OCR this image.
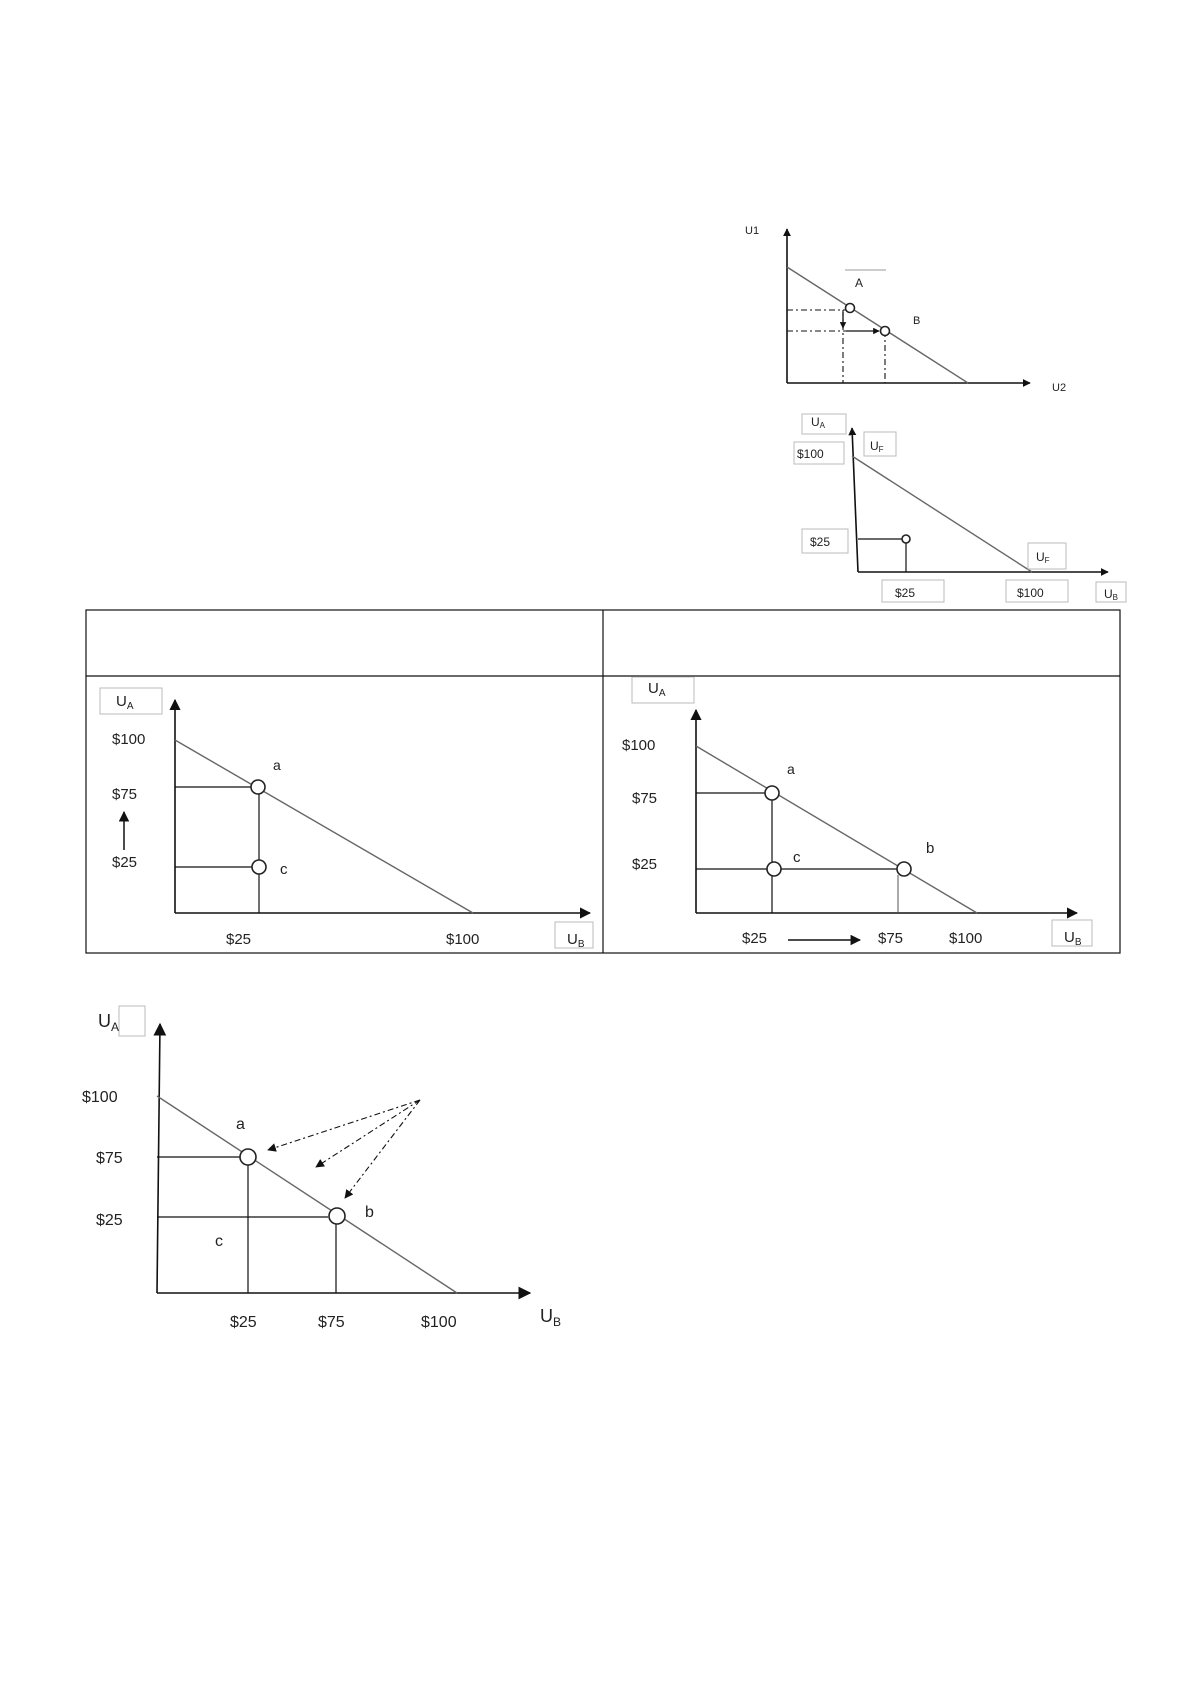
U1
U2
A
B
UA
UF
$100
$25
UF
$25	$100	UB
$U_A$
$100
$75
$25
a
c
$25	$100	$U_B$
$U_A$
$100
$75
$25
a
c
b
$25	$75	$100	$U_B$
$U_A$
$100
$75
$25
a
b
c
$25	$75	$100	$U_B$
